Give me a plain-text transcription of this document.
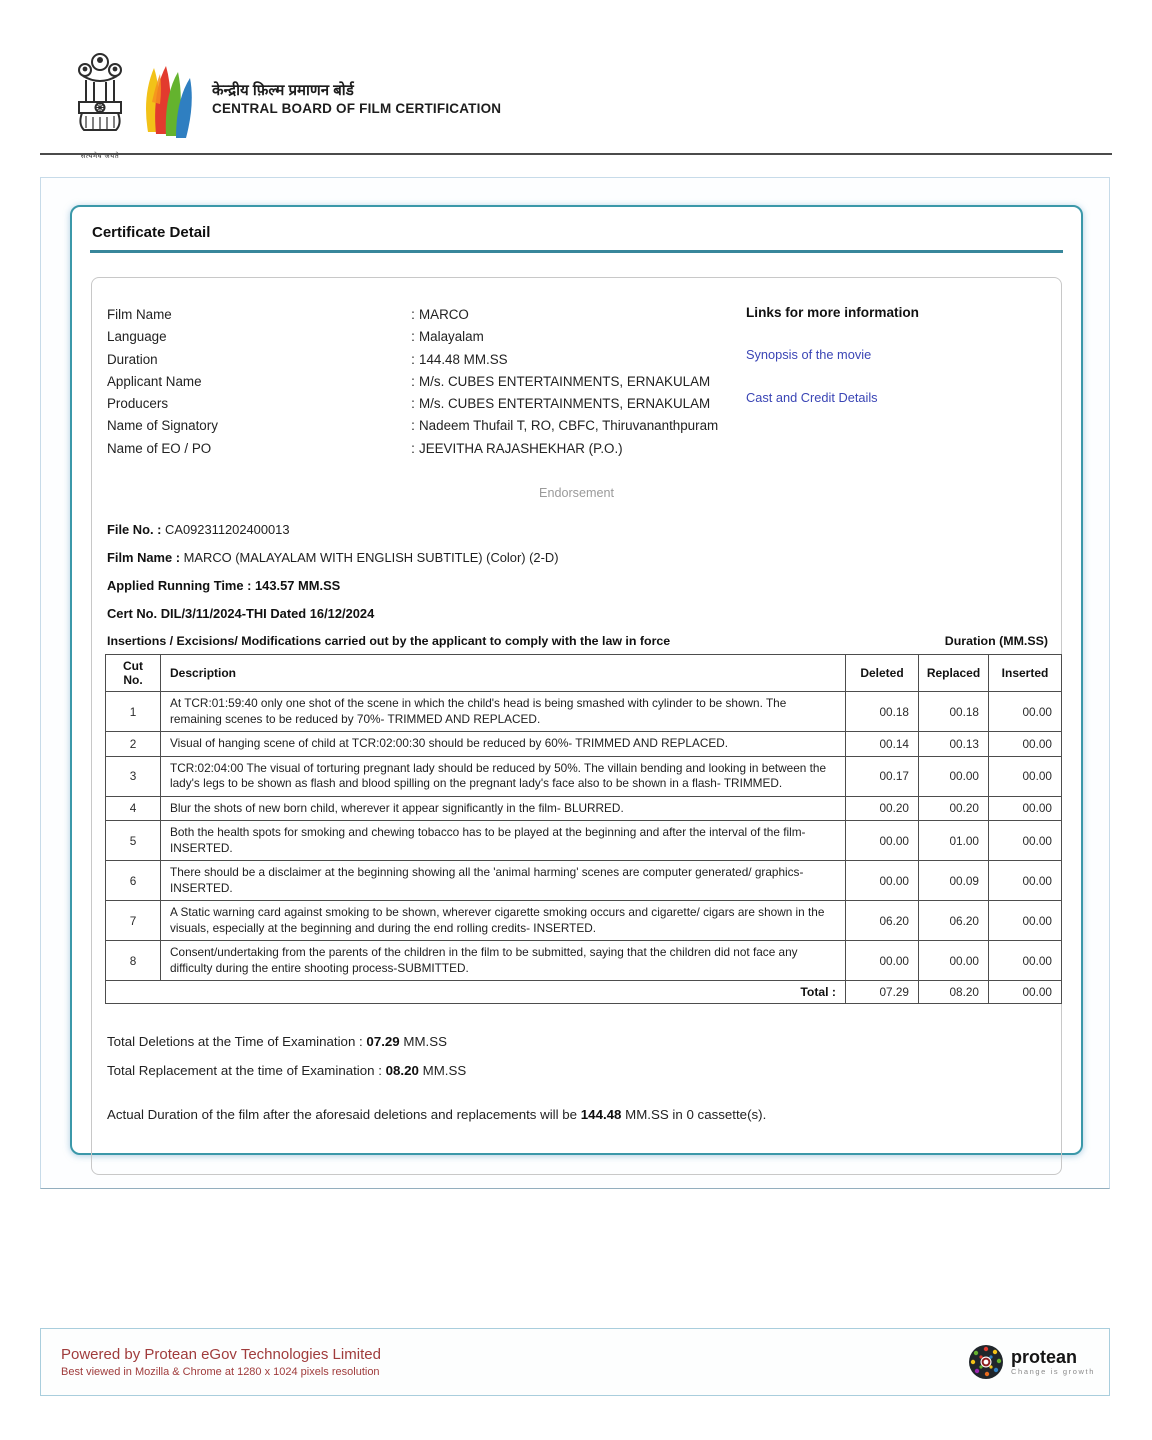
सत्यमेव जयते
केन्द्रीय फ़िल्म प्रमाणन बोर्ड
CENTRAL BOARD OF FILM CERTIFICATION
Certificate Detail
Film Name	: MARCO
Language	: Malayalam
Duration	: 144.48 MM.SS
Applicant Name	: M/s. CUBES ENTERTAINMENTS, ERNAKULAM
Producers	: M/s. CUBES ENTERTAINMENTS, ERNAKULAM
Name of Signatory	: Nadeem Thufail T, RO, CBFC, Thiruvananthpuram
Name of EO / PO	: JEEVITHA RAJASHEKHAR (P.O.)
Links for more information
Synopsis of the movie
Cast and Credit Details
Endorsement

File No. : CA092311202400013

Film Name : MARCO (MALAYALAM WITH ENGLISH SUBTITLE) (Color) (2-D)

Applied Running Time : 143.57 MM.SS

Cert No. DIL/3/11/2024-THI Dated 16/12/2024

Insertions / Excisions/ Modifications carried out by the applicant to comply with the law in force	Duration (MM.SS)
Cut No.	Description	Deleted	Replaced	Inserted
1	At TCR:01:59:40 only one shot of the scene in which the child's head is being smashed with cylinder to be shown. The remaining scenes to be reduced by 70%- TRIMMED AND REPLACED.	00.18	00.18	00.00
2	Visual of hanging scene of child at TCR:02:00:30 should be reduced by 60%- TRIMMED AND REPLACED.	00.14	00.13	00.00
3	TCR:02:04:00 The visual of torturing pregnant lady should be reduced by 50%. The villain bending and looking in between the lady's legs to be shown as flash and blood spilling on the pregnant lady's face also to be shown in a flash- TRIMMED.	00.17	00.00	00.00
4	Blur the shots of new born child, wherever it appear significantly in the film- BLURRED.	00.20	00.20	00.00
5	Both the health spots for smoking and chewing tobacco has to be played at the beginning and after the interval of the film- INSERTED.	00.00	01.00	00.00
6	There should be a disclaimer at the beginning showing all the 'animal harming' scenes are computer generated/ graphics- INSERTED.	00.00	00.09	00.00
7	A Static warning card against smoking to be shown, wherever cigarette smoking occurs and cigarette/ cigars are shown in the visuals, especially at the beginning and during the end rolling credits- INSERTED.	06.20	06.20	00.00
8	Consent/undertaking from the parents of the children in the film to be submitted, saying that the children did not face any difficulty during the entire shooting process-SUBMITTED.	00.00	00.00	00.00
Total :		07.29	08.20	00.00

Total Deletions at the Time of Examination : 07.29 MM.SS

Total Replacement at the time of Examination : 08.20 MM.SS

Actual Duration of the film after the aforesaid deletions and replacements will be 144.48 MM.SS in 0 cassette(s).

Powered by Protean eGov Technologies Limited
Best viewed in Mozilla & Chrome at 1280 x 1024 pixels resolution
protean
Change is growth
